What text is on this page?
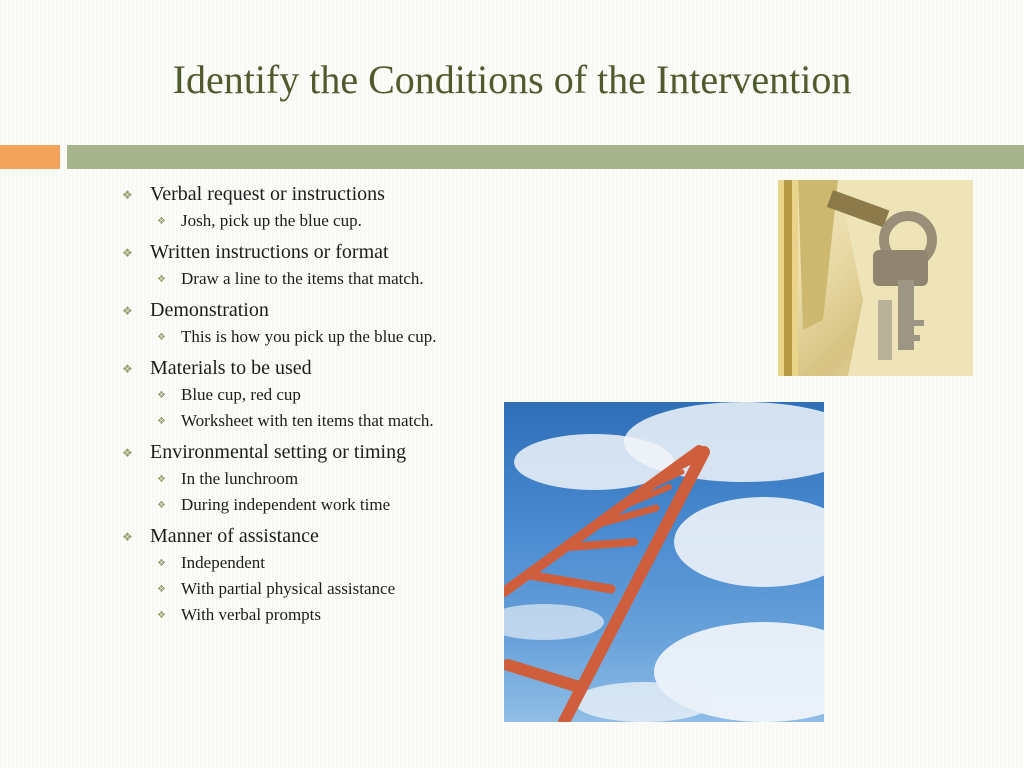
Identify the Conditions of the Intervention
❖ Verbal request or instructions
❖ Josh, pick up the blue cup.
❖ Written instructions or format
❖ Draw a line to the items that match.
❖ Demonstration
❖ This is how you pick up the blue cup.
❖ Materials to be used
❖ Blue cup, red cup
❖ Worksheet with ten items that match.
❖ Environmental setting or timing
❖ In the lunchroom
❖ During independent work time
❖ Manner of assistance
❖ Independent
❖ With partial physical assistance
❖ With verbal prompts
